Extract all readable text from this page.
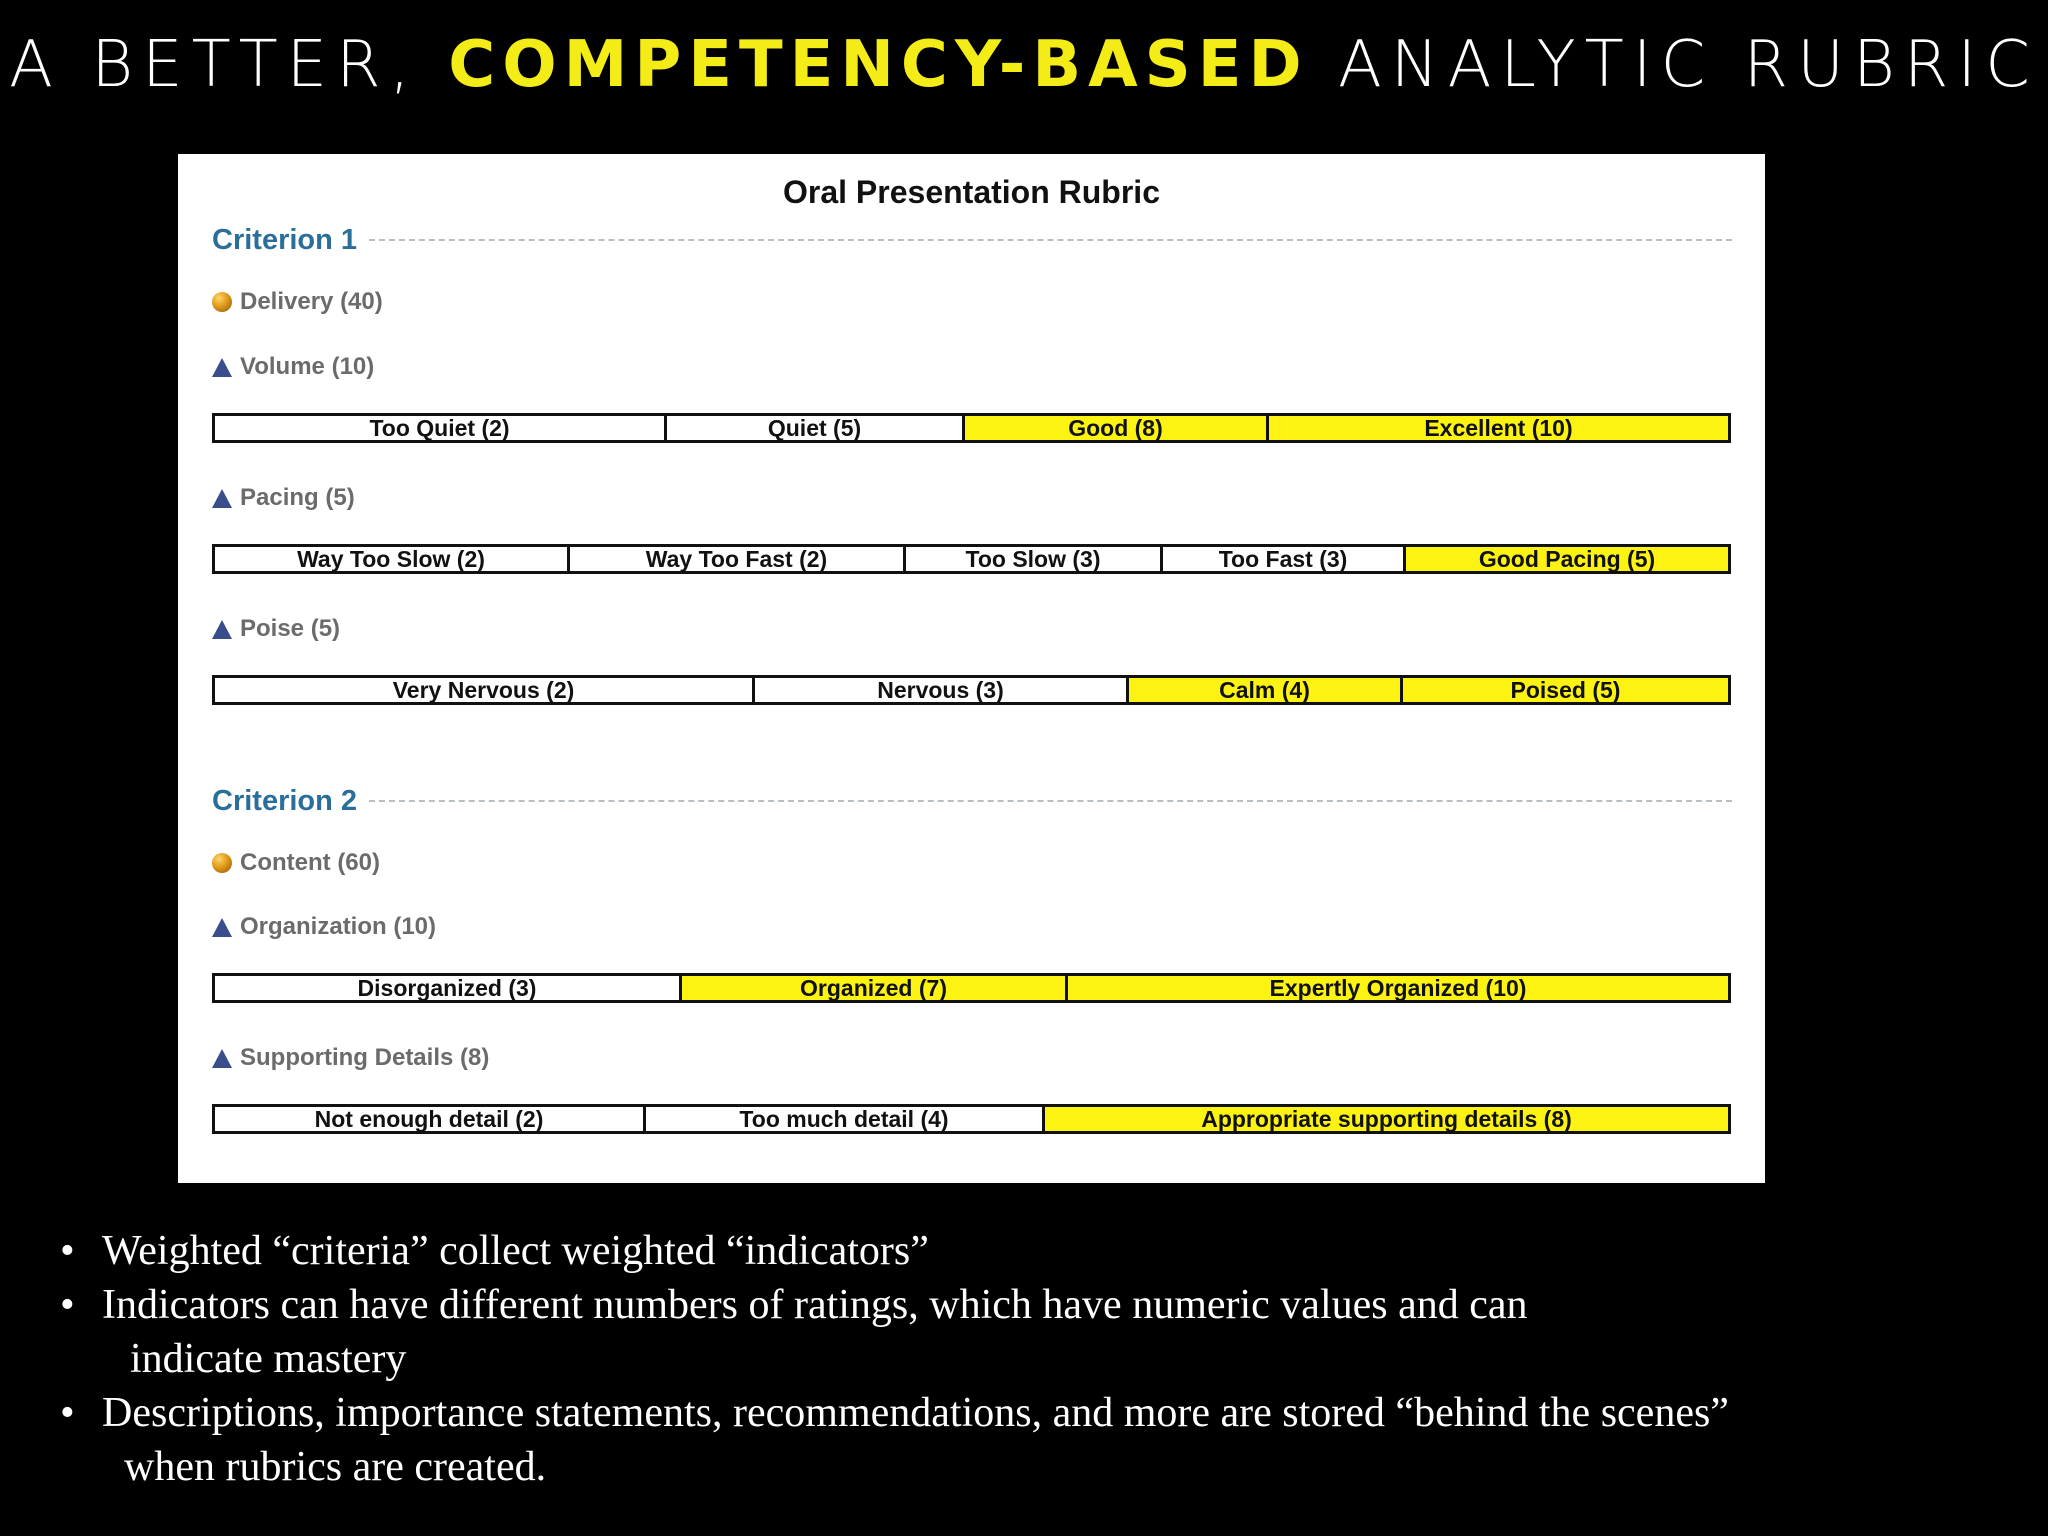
A BETTER, COMPETENCY-BASED ANALYTIC RUBRIC
Oral Presentation Rubric
Criterion 1
Delivery (40)
Volume (10)
Too Quiet (2)	Quiet (5)	Good (8)	Excellent (10)
Pacing (5)
Way Too Slow (2)	Way Too Fast (2)	Too Slow (3)	Too Fast (3)	Good Pacing (5)
Poise (5)
Very Nervous (2)	Nervous (3)	Calm (4)	Poised (5)
Criterion 2
Content (60)
Organization (10)
Disorganized (3)	Organized (7)	Expertly Organized (10)
Supporting Details (8)
Not enough detail (2)	Too much detail (4)	Appropriate supporting details (8)
• Weighted “criteria” collect weighted “indicators”
• Indicators can have different numbers of ratings, which have numeric values and can
indicate mastery
• Descriptions, importance statements, recommendations, and more are stored “behind the scenes”
when rubrics are created.
